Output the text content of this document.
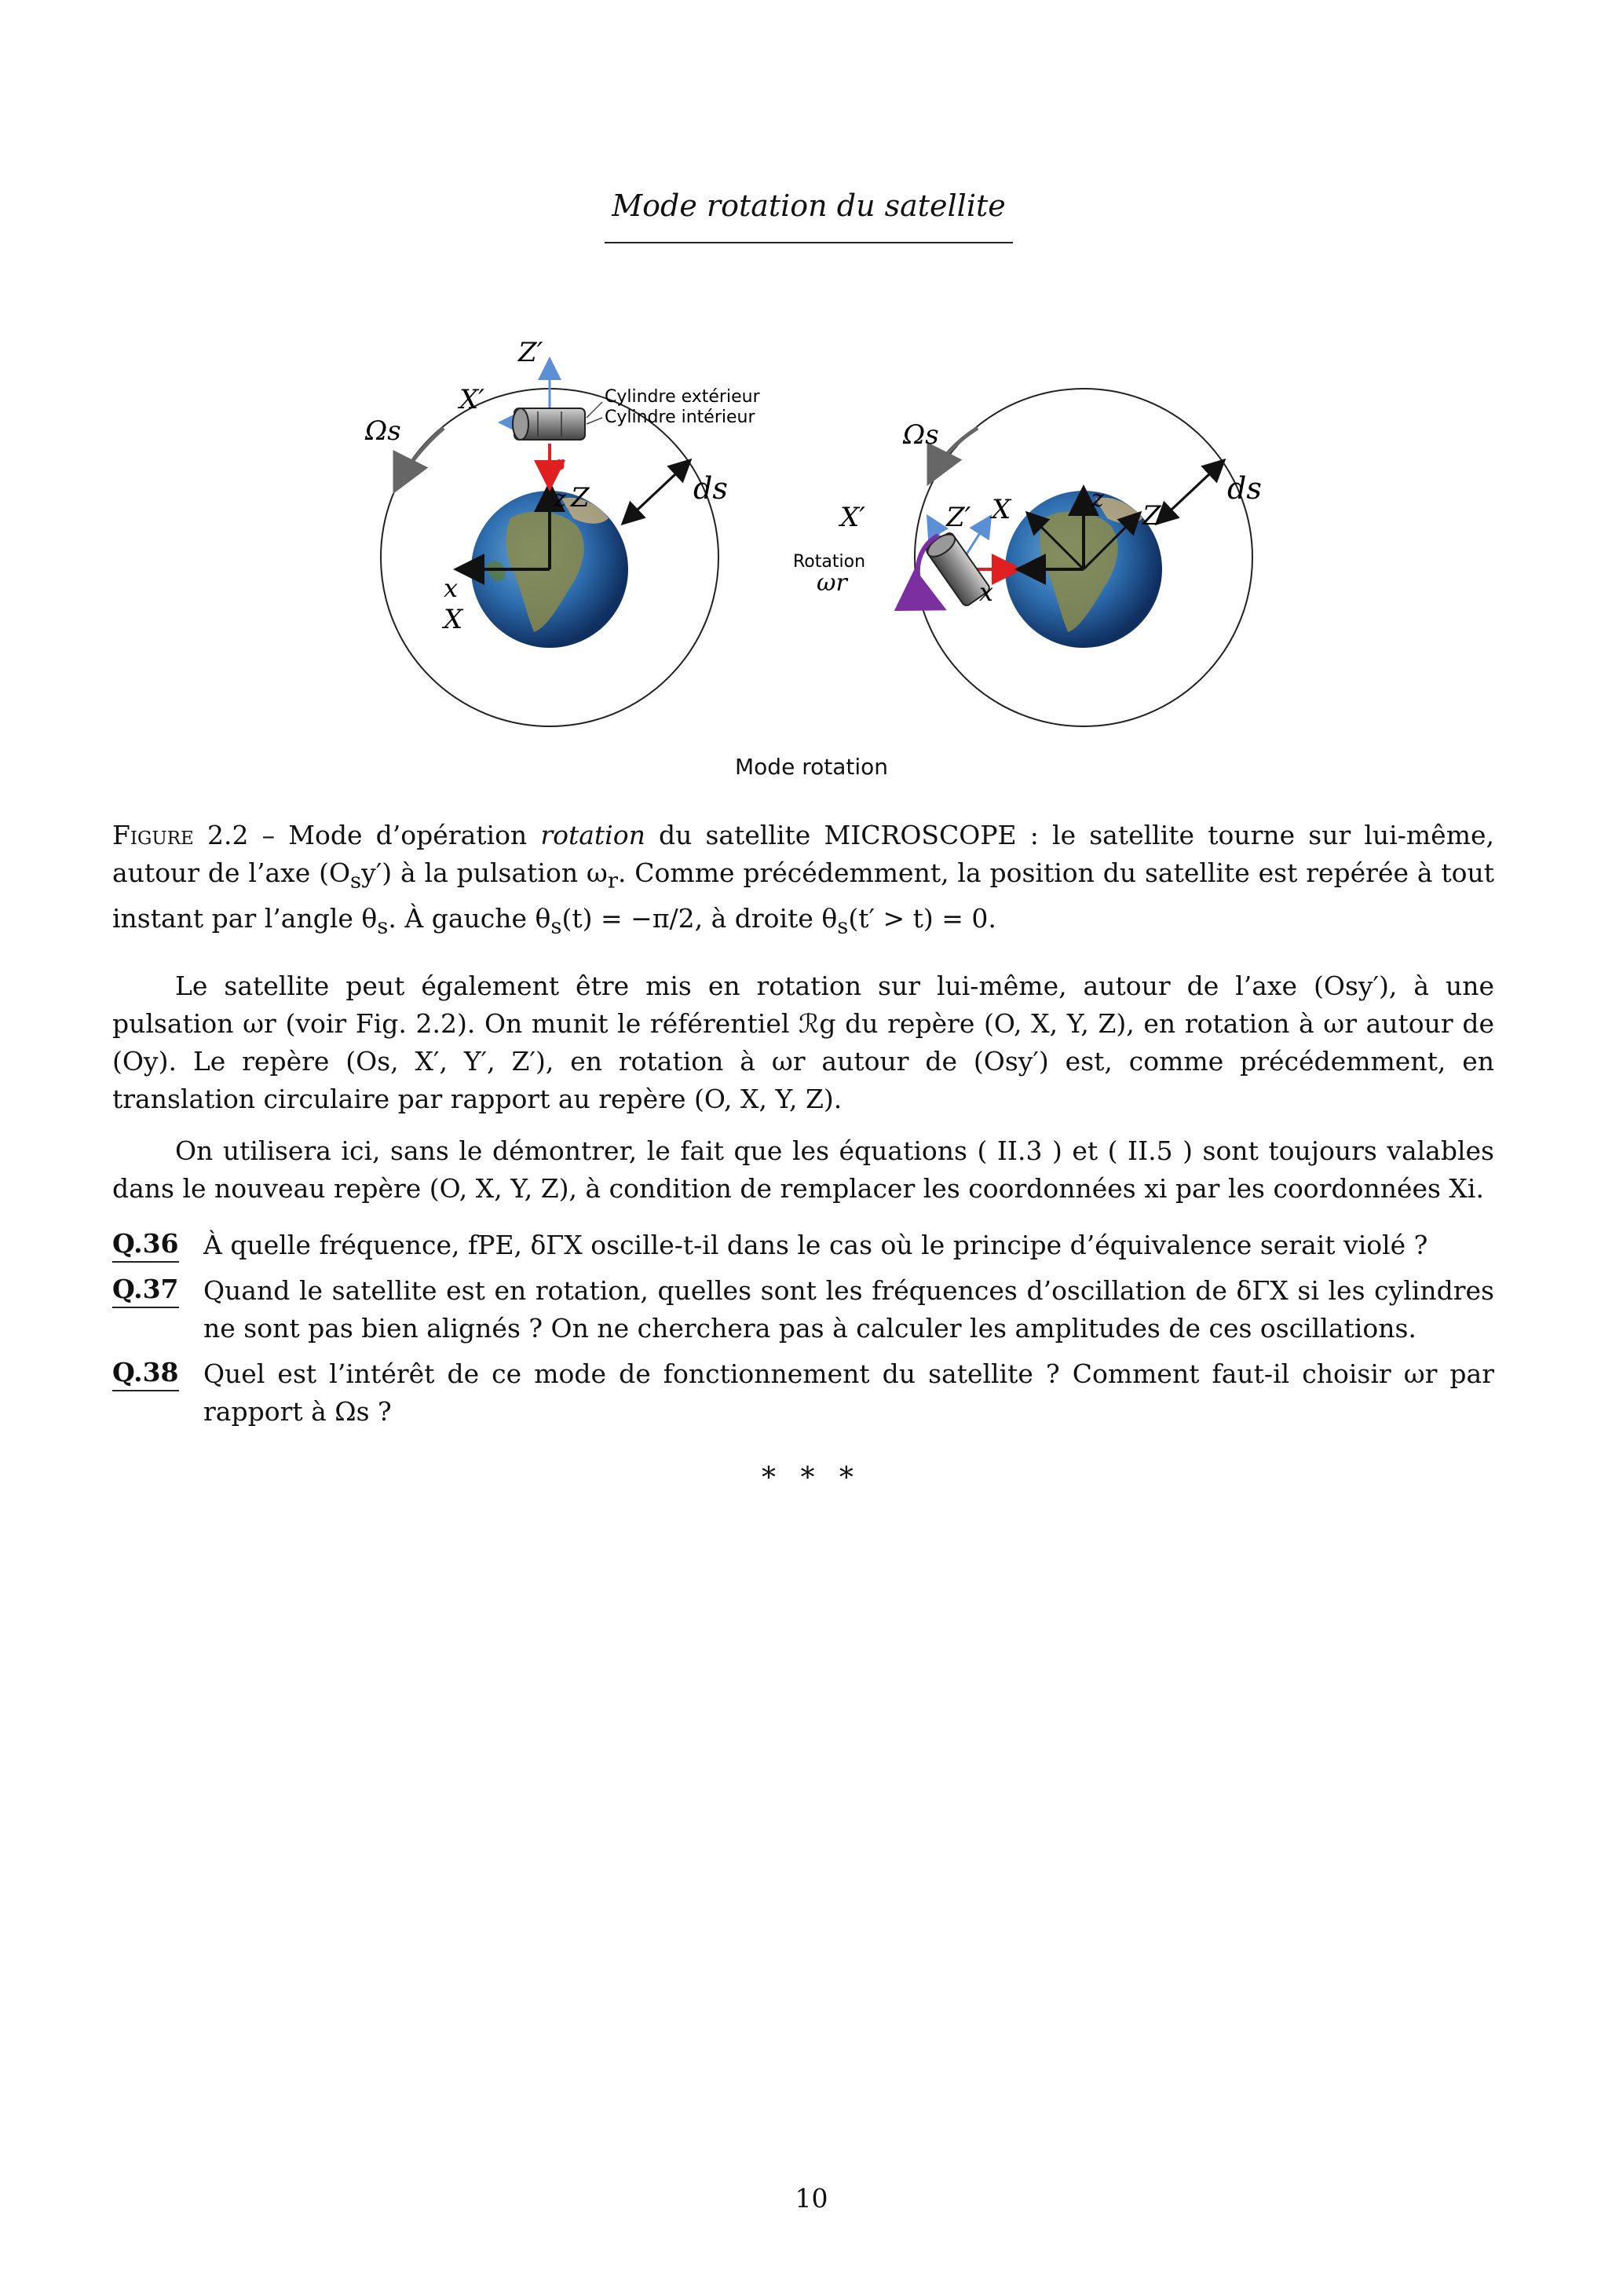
Mode rotation du satellite
Z′
X′	Cylindre extérieur
Cylindre intérieur
g
z Z
x
X
Ωs
ds
Ωs
X′	Z′ X	z
Z
x
Rotation
ωr
ds
Mode rotation
Figure 2.2 – Mode d’opération rotation du satellite MICROSCOPE : le satellite tourne sur lui-même, autour de l’axe $(O_sy')$ à la pulsation $\omega_r$. Comme précédemment, la position du satellite est repérée à tout instant par l’angle $\theta_s$. À gauche $\theta_s(t) = -\pi/2$, à droite $\theta_s(t' > t) = 0$.
Le satellite peut également être mis en rotation sur lui-même, autour de l’axe (Osy′), à une pulsation ωr (voir Fig. 2.2). On munit le référentiel ℛg du repère (O, X, Y, Z), en rotation à ωr autour de (Oy). Le repère (Os, X′, Y′, Z′), en rotation à ωr autour de (Osy′) est, comme précédemment, en translation circulaire par rapport au repère (O, X, Y, Z).
On utilisera ici, sans le démontrer, le fait que les équations ( II.3 ) et ( II.5 ) sont toujours valables dans le nouveau repère (O, X, Y, Z), à condition de remplacer les coordonnées xi par les coordonnées Xi.
Q.36 À quelle fréquence, fPE, δΓX oscille-t-il dans le cas où le principe d’équivalence serait violé ?
Q.37 Quand le satellite est en rotation, quelles sont les fréquences d’oscillation de δΓX si les cylindres ne sont pas bien alignés ? On ne cherchera pas à calculer les amplitudes de ces oscillations.
Q.38 Quel est l’intérêt de ce mode de fonctionnement du satellite ? Comment faut-il choisir ωr par rapport à Ωs ?
* * *
10
